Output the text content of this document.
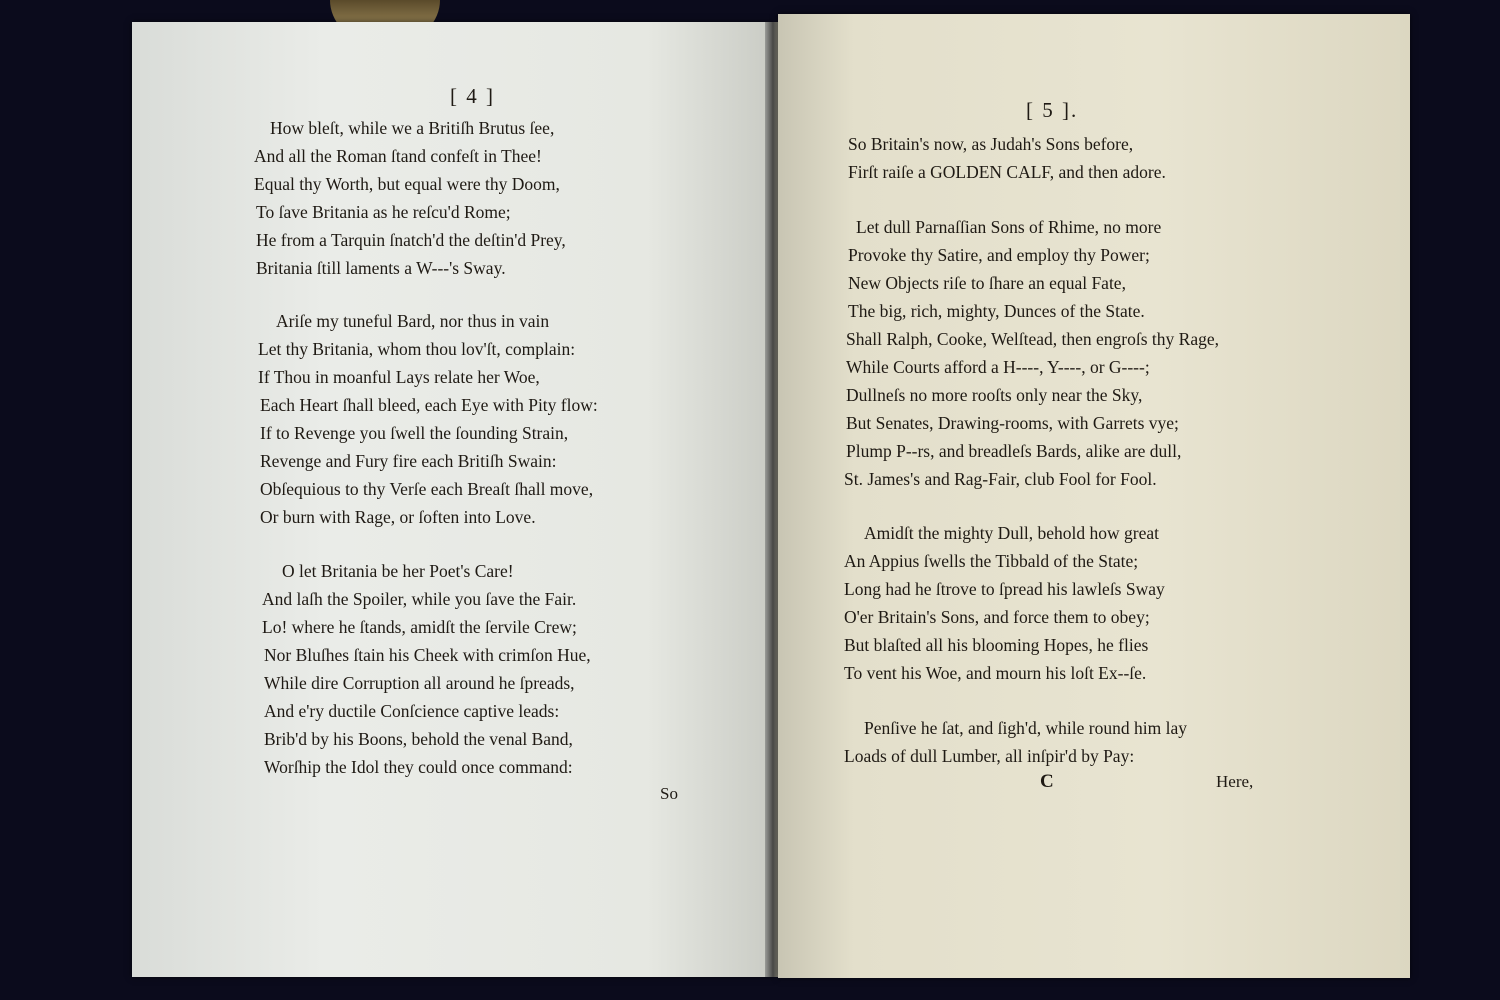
[ 4 ]
How bleſt, while we a Britiſh Brutus ſee,
And all the Roman ſtand confeſt in Thee!
Equal thy Worth, but equal were thy Doom,
To ſave Britania as he reſcu'd Rome;
He from a Tarquin ſnatch'd the deſtin'd Prey,
Britania ſtill laments a W---'s Sway.
Ariſe my tuneful Bard, nor thus in vain
Let thy Britania, whom thou lov'ſt, complain:
If Thou in moanful Lays relate her Woe,
Each Heart ſhall bleed, each Eye with Pity flow:
If to Revenge you ſwell the ſounding Strain,
Revenge and Fury fire each Britiſh Swain:
Obſequious to thy Verſe each Breaſt ſhall move,
Or burn with Rage, or ſoften into Love.
O let Britania be her Poet's Care!
And laſh the Spoiler, while you ſave the Fair.
Lo! where he ſtands, amidſt the ſervile Crew;
Nor Bluſhes ſtain his Cheek with crimſon Hue,
While dire Corruption all around he ſpreads,
And e'ry ductile Conſcience captive leads:
Brib'd by his Boons, behold the venal Band,
Worſhip the Idol they could once command:
So
[ 5 ].
So Britain's now, as Judah's Sons before,
Firſt raiſe a GOLDEN CALF, and then adore.
Let dull Parnaſſian Sons of Rhime, no more
Provoke thy Satire, and employ thy Power;
New Objects riſe to ſhare an equal Fate,
The big, rich, mighty, Dunces of the State.
Shall Ralph, Cooke, Welſtead, then engroſs thy Rage,
While Courts afford a H----, Y----, or G----;
Dullneſs no more rooſts only near the Sky,
But Senates, Drawing-rooms, with Garrets vye;
Plump P--rs, and breadleſs Bards, alike are dull,
St. James's and Rag-Fair, club Fool for Fool.
Amidſt the mighty Dull, behold how great
An Appius ſwells the Tibbald of the State;
Long had he ſtrove to ſpread his lawleſs Sway
O'er Britain's Sons, and force them to obey;
But blaſted all his blooming Hopes, he flies
To vent his Woe, and mourn his loſt Ex--ſe.
Penſive he ſat, and ſigh'd, while round him lay
Loads of dull Lumber, all inſpir'd by Pay:
C	Here,
